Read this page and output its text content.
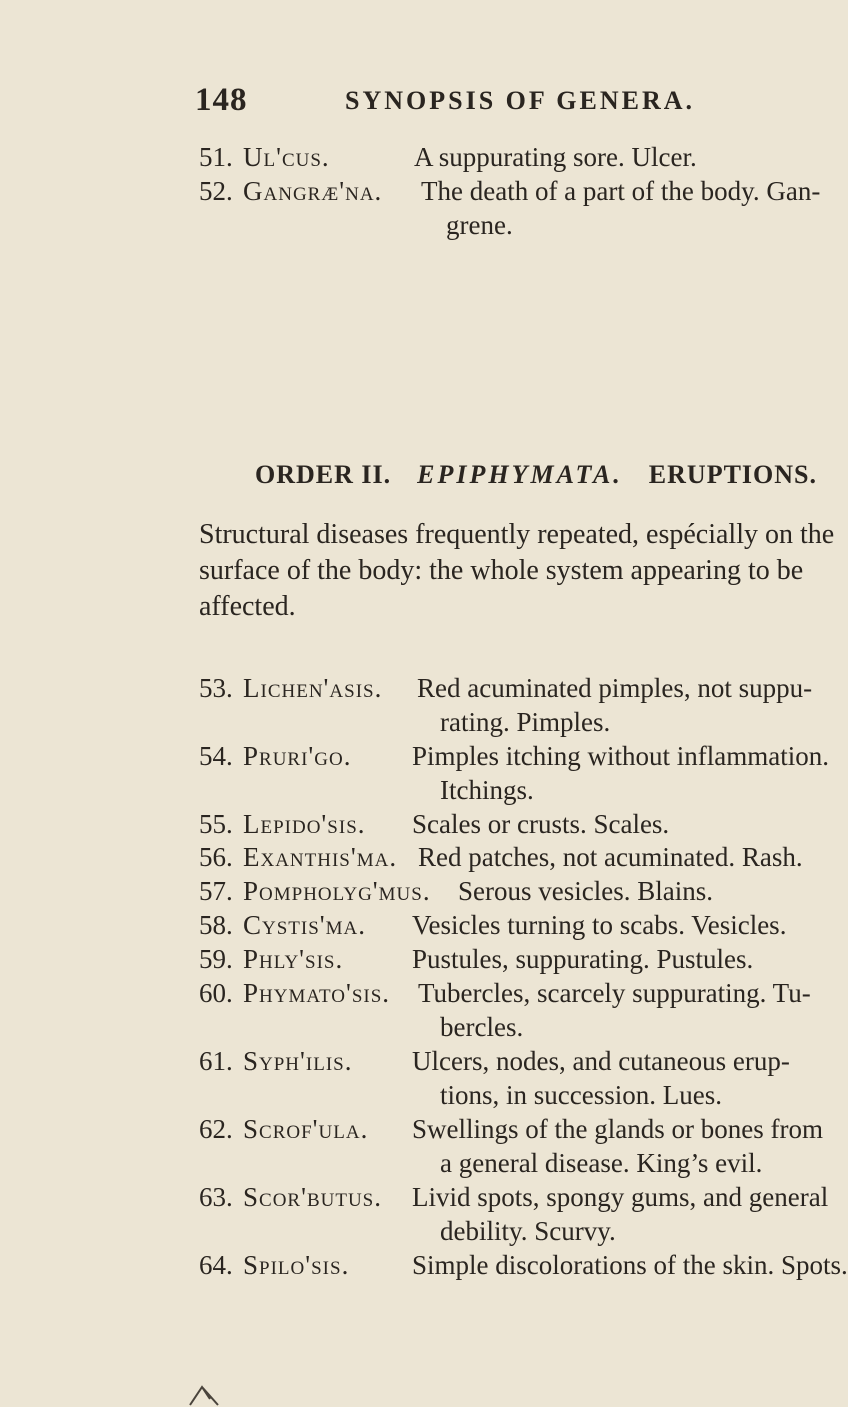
148	SYNOPSIS OF GENERA.
51. Ul'cus.	A suppurating sore. Ulcer.
52. Gangræ'na. The death of a part of the body. Gan-
grene.
ORDER II. EPIPHYMATA. ERUPTIONS.
Structural diseases frequently repeated, espécially on the
surface of the body: the whole system appearing to be
affected.
53. Lichen'asis. Red acuminated pimples, not suppu-
rating. Pimples.
54. Pruri'go. Pimples itching without inflammation.
Itchings.
55. Lepido'sis. Scales or crusts. Scales.
56. Exanthis'ma. Red patches, not acuminated. Rash.
57. Pompholyg'mus. Serous vesicles. Blains.
58. Cystis'ma. Vesicles turning to scabs. Vesicles.
59. Phly'sis.	Pustules, suppurating. Pustules.
60. Phymato'sis. Tubercles, scarcely suppurating. Tu-
bercles.
61. Syph'ilis. Ulcers, nodes, and cutaneous erup-
tions, in succession. Lues.
62. Scrof'ula. Swellings of the glands or bones from
a general disease. King’s evil.
63. Scor'butus. Livid spots, spongy gums, and general
debility. Scurvy.
64. Spilo'sis. Simple discolorations of the skin. Spots.
